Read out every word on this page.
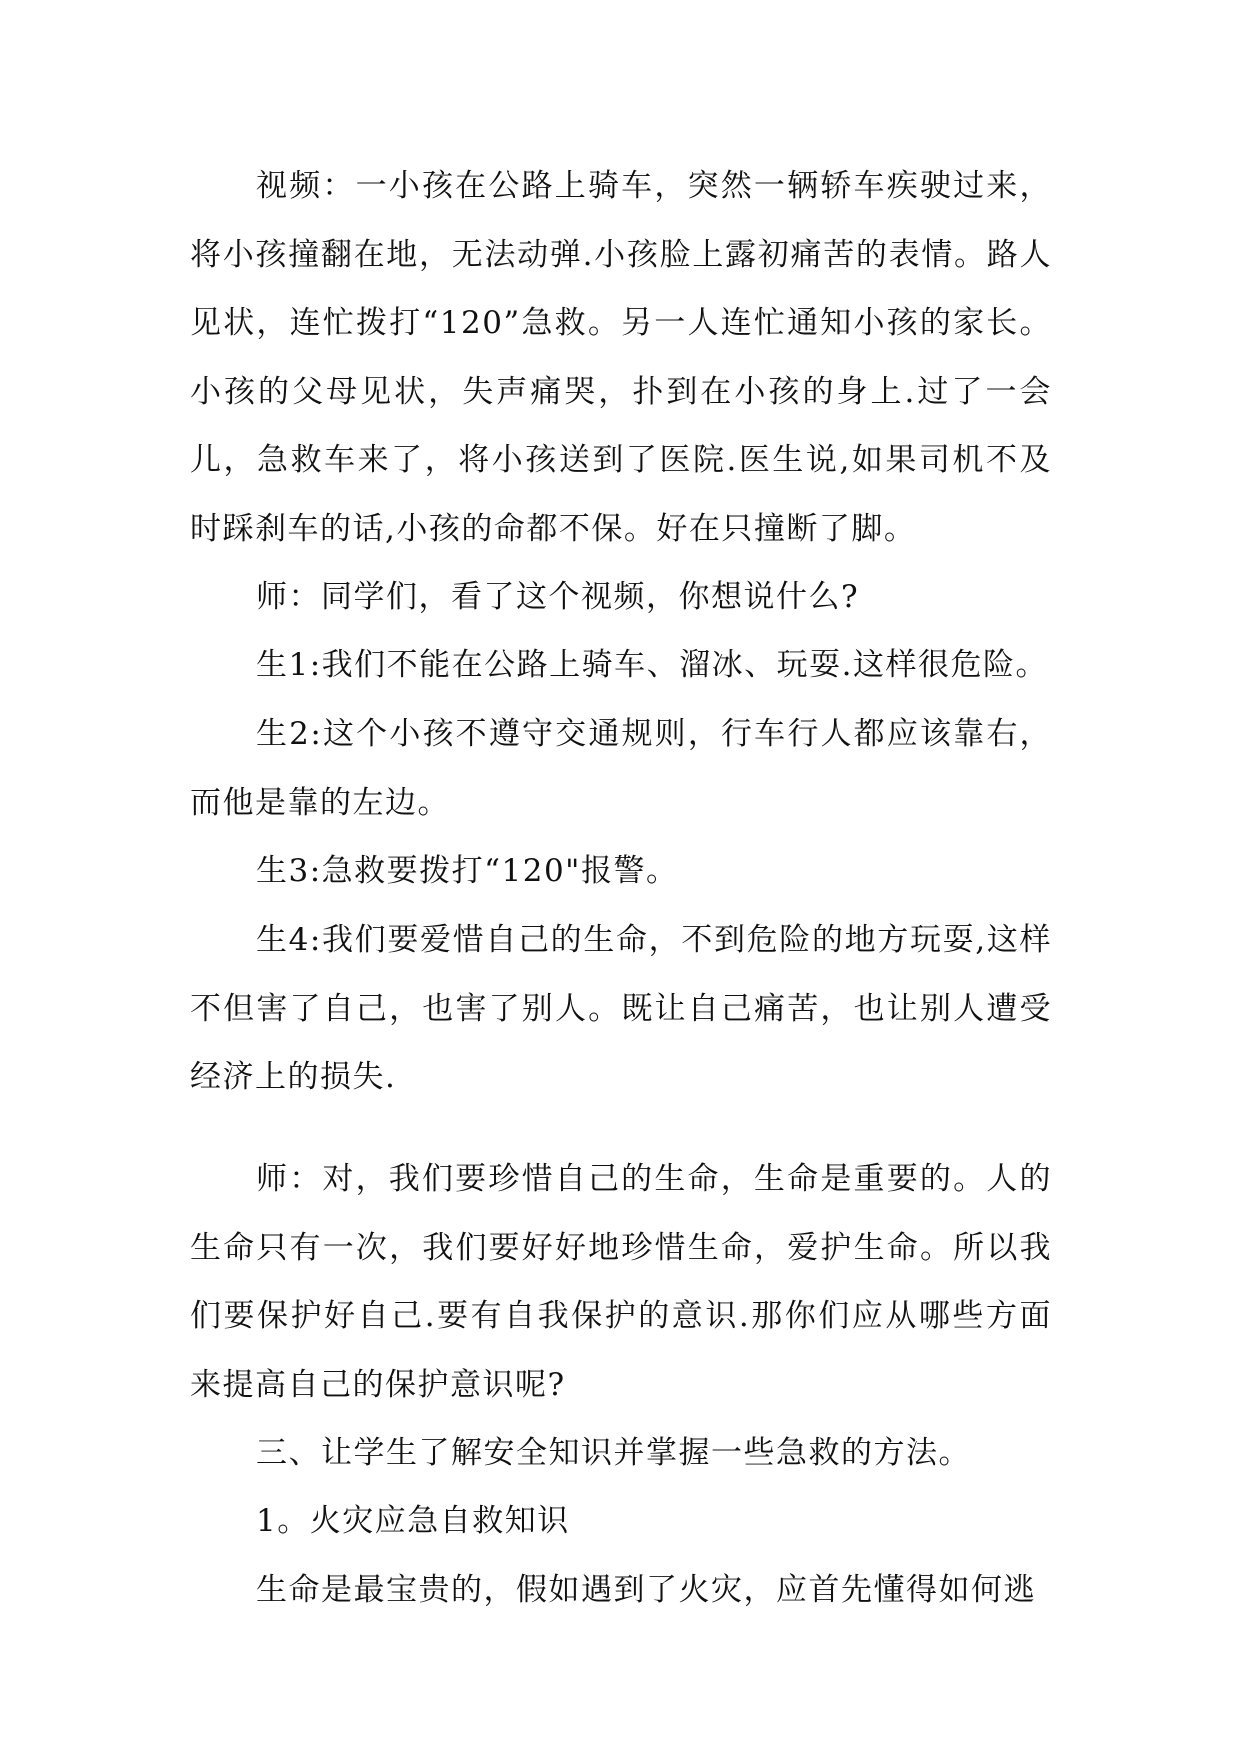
视频：一小孩在公路上骑车，突然一辆轿车疾驶过来，将小孩撞翻在地，无法动弹.小孩脸上露初痛苦的表情。路人见状，连忙拨打“120”急救。另一人连忙通知小孩的家长。小孩的父母见状，失声痛哭，扑到在小孩的身上.过了一会儿，急救车来了，将小孩送到了医院.医生说,如果司机不及时踩刹车的话,小孩的命都不保。好在只撞断了脚。

师：同学们，看了这个视频，你想说什么?

生1:我们不能在公路上骑车、溜冰、玩耍.这样很危险。

生2:这个小孩不遵守交通规则，行车行人都应该靠右，而他是靠的左边。

生3:急救要拨打“120"报警。

生4:我们要爱惜自己的生命，不到危险的地方玩耍,这样不但害了自己，也害了别人。既让自己痛苦，也让别人遭受经济上的损失.

师：对，我们要珍惜自己的生命，生命是重要的。人的生命只有一次，我们要好好地珍惜生命，爱护生命。所以我们要保护好自己.要有自我保护的意识.那你们应从哪些方面来提高自己的保护意识呢?

三、让学生了解安全知识并掌握一些急救的方法。

1。火灾应急自救知识

生命是最宝贵的，假如遇到了火灾，应首先懂得如何逃
